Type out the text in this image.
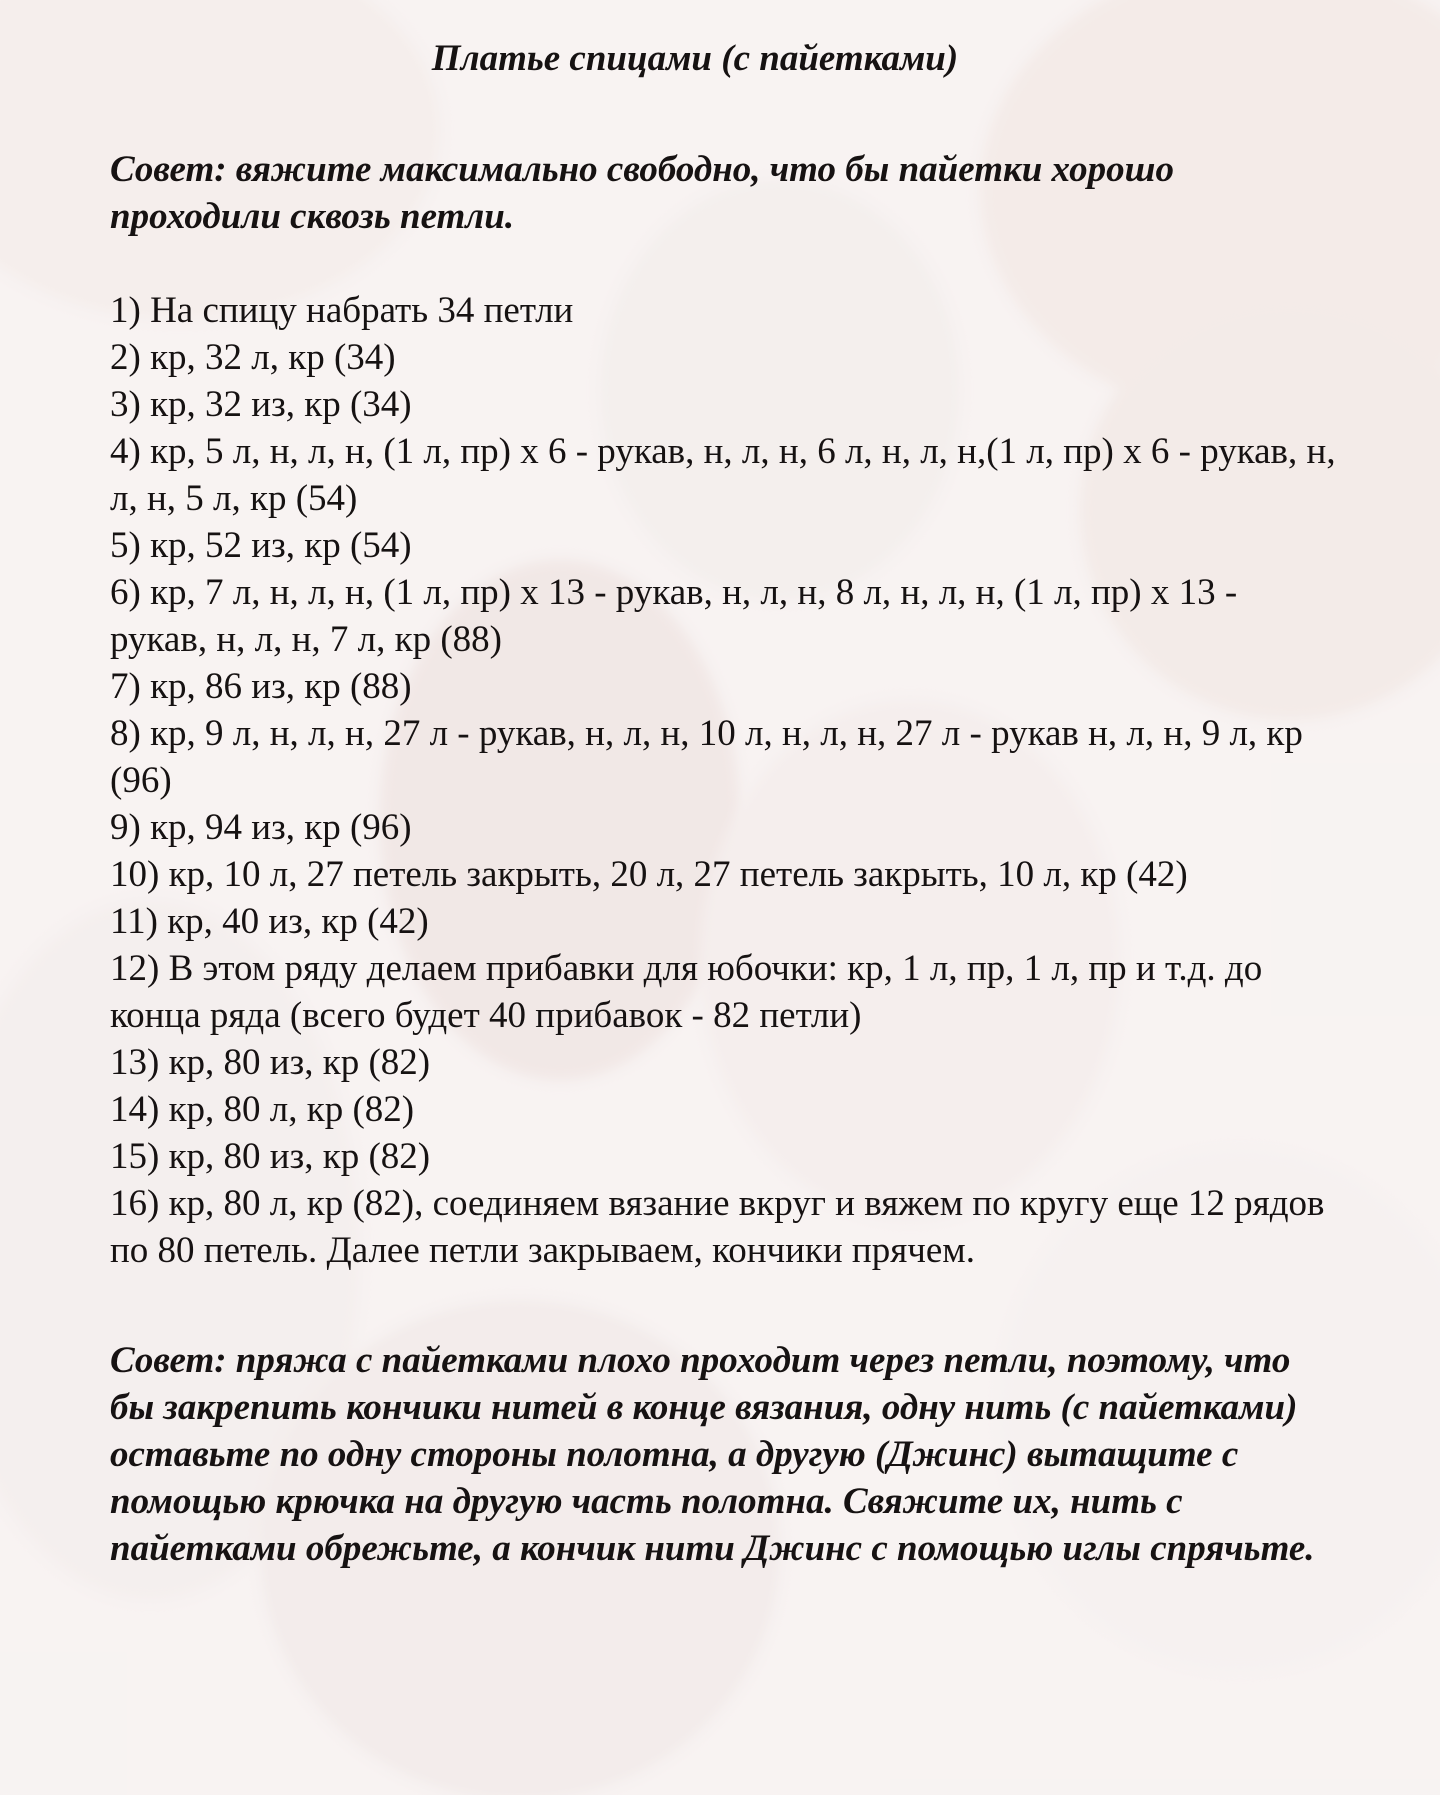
Платье спицами (с пайетками)

Совет: вяжите максимально свободно, что бы пайетки хорошо проходили сквозь петли.

1) На спицу набрать 34 петли
2) кр, 32 л, кр (34)
3) кр, 32 из, кр (34)
4) кр, 5 л, н, л, н, (1 л, пр) х 6 - рукав, н, л, н, 6 л, н, л, н,(1 л, пр) х 6 - рукав, н, л, н, 5 л, кр (54)
5) кр, 52 из, кр (54)
6) кр, 7 л, н, л, н, (1 л, пр) х 13 - рукав, н, л, н, 8 л, н, л, н, (1 л, пр) х 13 - рукав, н, л, н, 7 л, кр (88)
7) кр, 86 из, кр (88)
8) кр, 9 л, н, л, н, 27 л - рукав, н, л, н, 10 л, н, л, н, 27 л - рукав н, л, н, 9 л, кр (96)
9) кр, 94 из, кр (96)
10) кр, 10 л, 27 петель закрыть, 20 л, 27 петель закрыть, 10 л, кр (42)
11) кр, 40 из, кр (42)
12) В этом ряду делаем прибавки для юбочки: кр, 1 л, пр, 1 л, пр и т.д. до конца ряда (всего будет 40 прибавок - 82 петли)
13) кр, 80 из, кр (82)
14) кр, 80 л, кр (82)
15) кр, 80 из, кр (82)
16) кр, 80 л, кр (82), соединяем вязание вкруг и вяжем по кругу еще 12 рядов по 80 петель. Далее петли закрываем, кончики прячем.

Совет: пряжа с пайетками плохо проходит через петли, поэтому, что бы закрепить кончики нитей в конце вязания, одну нить (с пайетками) оставьте по одну стороны полотна, а другую (Джинс) вытащите с помощью крючка на другую часть полотна. Свяжите их, нить с пайетками обрежьте, а кончик нити Джинс с помощью иглы спрячьте.
